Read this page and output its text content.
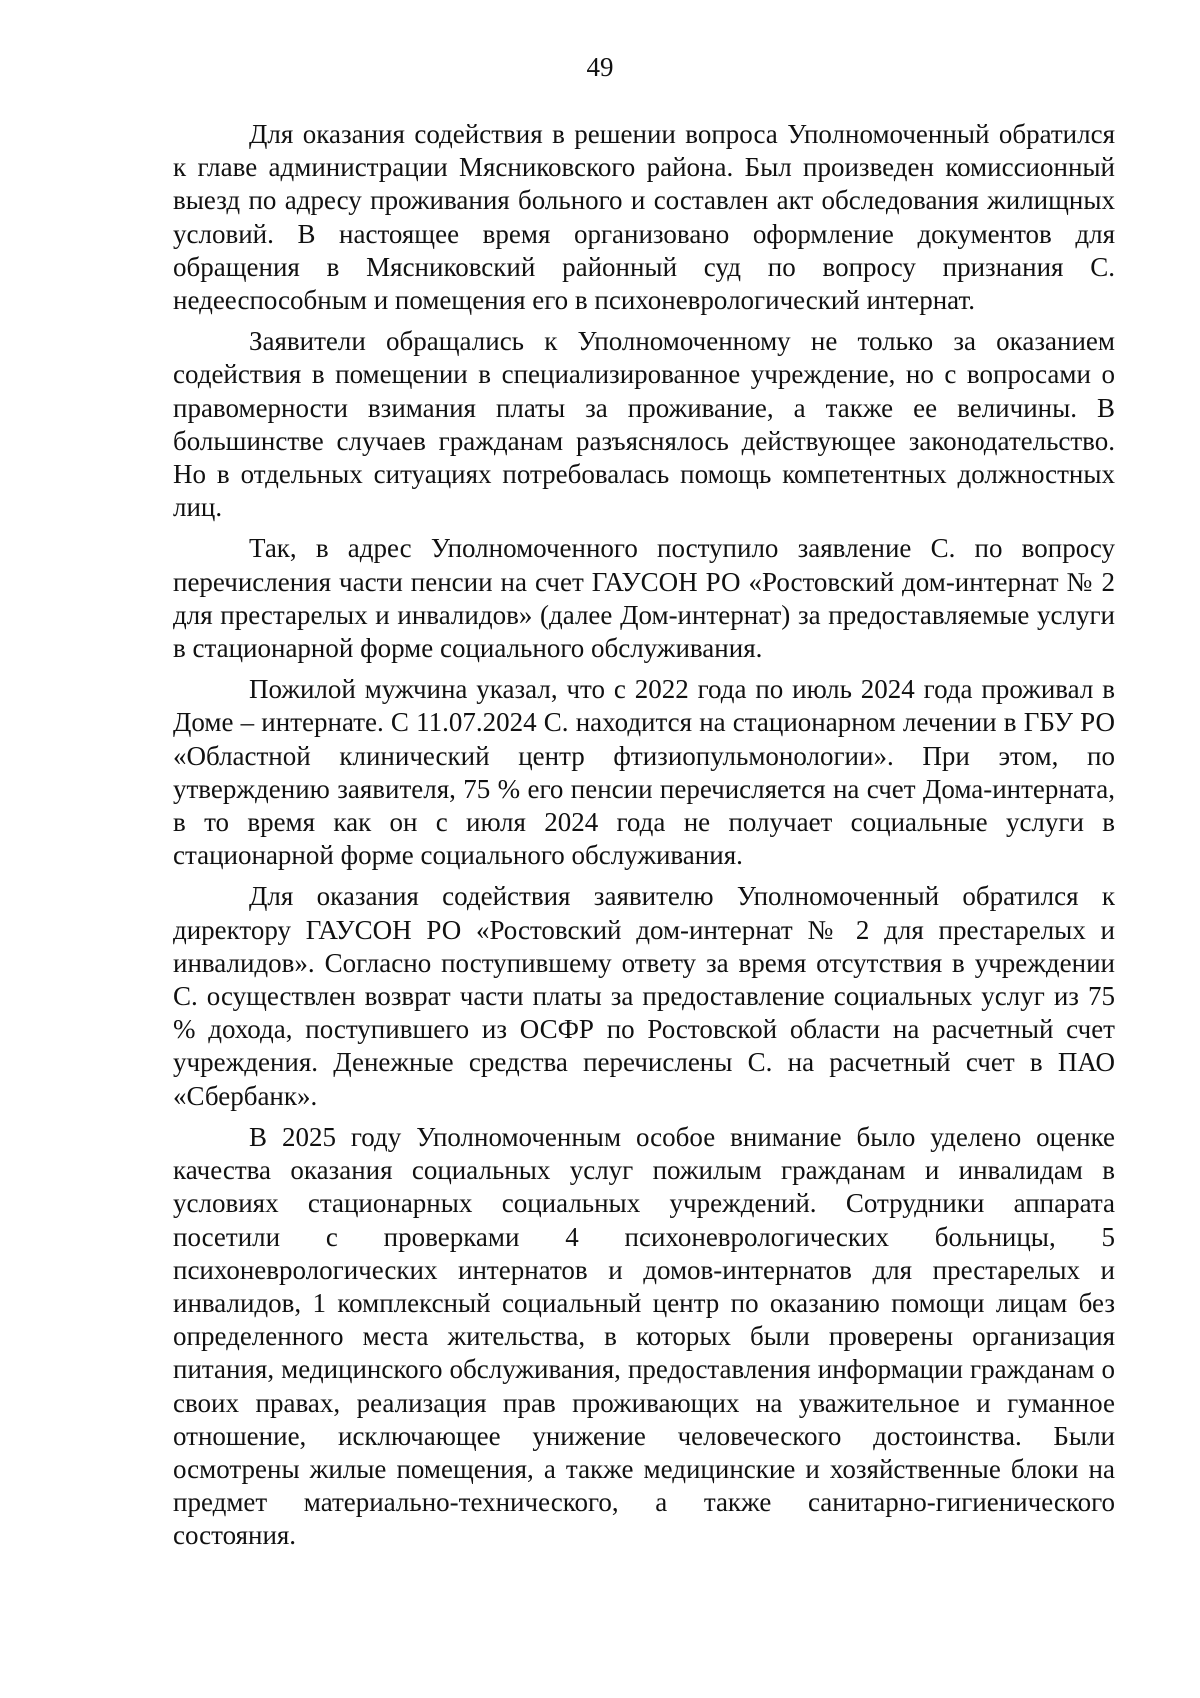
49

Для оказания содействия в решении вопроса Уполномоченный обратился к главе администрации Мясниковского района. Был произведен комиссионный выезд по адресу проживания больного и составлен акт обследования жилищных условий. В настоящее время организовано оформление документов для обращения в Мясниковский районный суд по вопросу признания С. недееспособным и помещения его в психоневрологический интернат.

Заявители обращались к Уполномоченному не только за оказанием содействия в помещении в специализированное учреждение, но с вопросами о правомерности взимания платы за проживание, а также ее величины. В большинстве случаев гражданам разъяснялось действующее законодательство. Но в отдельных ситуациях потребовалась помощь компетентных должностных лиц.

Так, в адрес Уполномоченного поступило заявление С. по вопросу перечисления части пенсии на счет ГАУСОН РО «Ростовский дом-интернат № 2 для престарелых и инвалидов» (далее Дом-интернат) за предоставляемые услуги в стационарной форме социального обслуживания.

Пожилой мужчина указал, что с 2022 года по июль 2024 года проживал в Доме – интернате. С 11.07.2024 С. находится на стационарном лечении в ГБУ РО «Областной клинический центр фтизиопульмонологии». При этом, по утверждению заявителя, 75 % его пенсии перечисляется на счет Дома-интерната, в то время как он с июля 2024 года не получает социальные услуги в стационарной форме социального обслуживания.

Для оказания содействия заявителю Уполномоченный обратился к директору ГАУСОН РО «Ростовский дом-интернат № 2 для престарелых и инвалидов». Согласно поступившему ответу за время отсутствия в учреждении С. осуществлен возврат части платы за предоставление социальных услуг из 75 % дохода, поступившего из ОСФР по Ростовской области на расчетный счет учреждения. Денежные средства перечислены С. на расчетный счет в ПАО «Сбербанк».

В 2025 году Уполномоченным особое внимание было уделено оценке качества оказания социальных услуг пожилым гражданам и инвалидам в условиях стационарных социальных учреждений. Сотрудники аппарата посетили с проверками 4 психоневрологических больницы, 5 психоневрологических интернатов и домов-интернатов для престарелых и инвалидов, 1 комплексный социальный центр по оказанию помощи лицам без определенного места жительства, в которых были проверены организация питания, медицинского обслуживания, предоставления информации гражданам о своих правах, реализация прав проживающих на уважительное и гуманное отношение, исключающее унижение человеческого достоинства. Были осмотрены жилые помещения, а также медицинские и хозяйственные блоки на предмет материально-технического, а также санитарно-гигиенического состояния.
